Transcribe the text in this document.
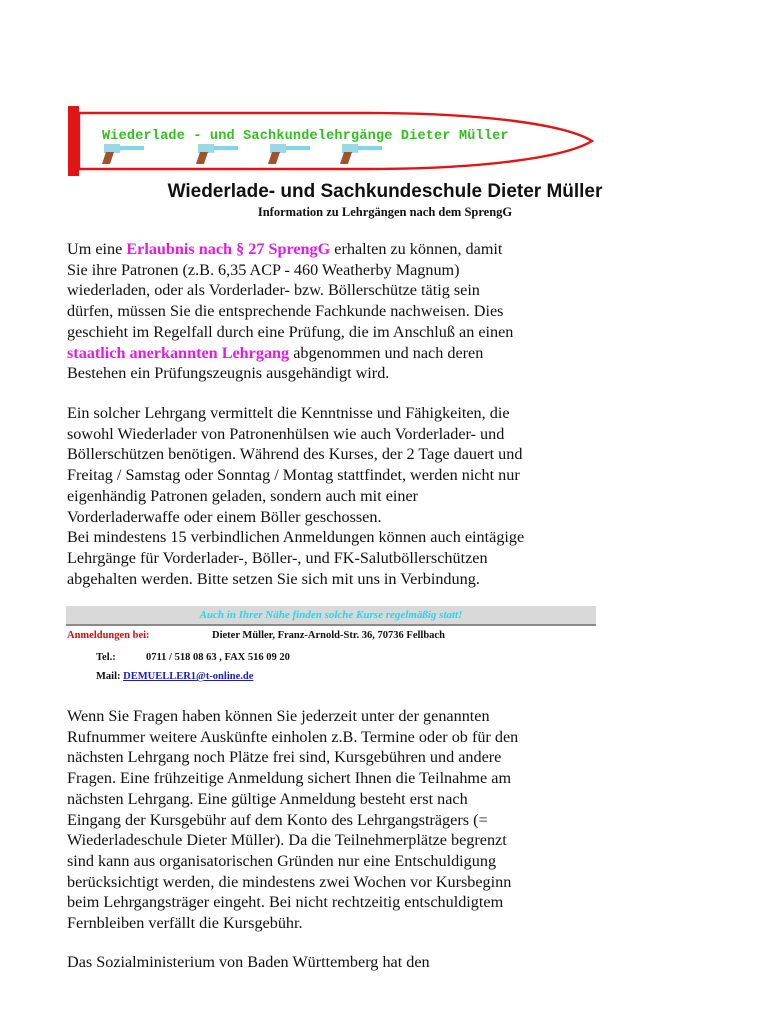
Wiederlade - und Sachkundelehrgänge Dieter Müller
Wiederlade- und Sachkundeschule Dieter Müller
Information zu Lehrgängen nach dem SprengG
Um eine Erlaubnis nach § 27 SprengG erhalten zu können, damit
Sie ihre Patronen (z.B. 6,35 ACP - 460 Weatherby Magnum)
wiederladen, oder als Vorderlader- bzw. Böllerschütze tätig sein
dürfen, müssen Sie die entsprechende Fachkunde nachweisen. Dies
geschieht im Regelfall durch eine Prüfung, die im Anschluß an einen
staatlich anerkannten Lehrgang abgenommen und nach deren
Bestehen ein Prüfungszeugnis ausgehändigt wird.
Ein solcher Lehrgang vermittelt die Kenntnisse und Fähigkeiten, die
sowohl Wiederlader von Patronenhülsen wie auch Vorderlader- und
Böllerschützen benötigen. Während des Kurses, der 2 Tage dauert und
Freitag / Samstag oder Sonntag / Montag stattfindet, werden nicht nur
eigenhändig Patronen geladen, sondern auch mit einer
Vorderladerwaffe oder einem Böller geschossen.
Bei mindestens 15 verbindlichen Anmeldungen können auch eintägige
Lehrgänge für Vorderlader-, Böller-, und FK-Salutböllerschützen
abgehalten werden. Bitte setzen Sie sich mit uns in Verbindung.
Auch in Ihrer Nähe finden solche Kurse regelmäßig statt!
Anmeldungen bei:	Dieter Müller, Franz-Arnold-Str. 36, 70736 Fellbach
Tel.:	0711 / 518 08 63 , FAX 516 09 20
Mail: DEMUELLER1@t-online.de
Wenn Sie Fragen haben können Sie jederzeit unter der genannten
Rufnummer weitere Auskünfte einholen z.B. Termine oder ob für den
nächsten Lehrgang noch Plätze frei sind, Kursgebühren und andere
Fragen. Eine frühzeitige Anmeldung sichert Ihnen die Teilnahme am
nächsten Lehrgang. Eine gültige Anmeldung besteht erst nach
Eingang der Kursgebühr auf dem Konto des Lehrgangsträgers (=
Wiederladeschule Dieter Müller). Da die Teilnehmerplätze begrenzt
sind kann aus organisatorischen Gründen nur eine Entschuldigung
berücksichtigt werden, die mindestens zwei Wochen vor Kursbeginn
beim Lehrgangsträger eingeht. Bei nicht rechtzeitig entschuldigtem
Fernbleiben verfällt die Kursgebühr.
Das Sozialministerium von Baden Württemberg hat den
